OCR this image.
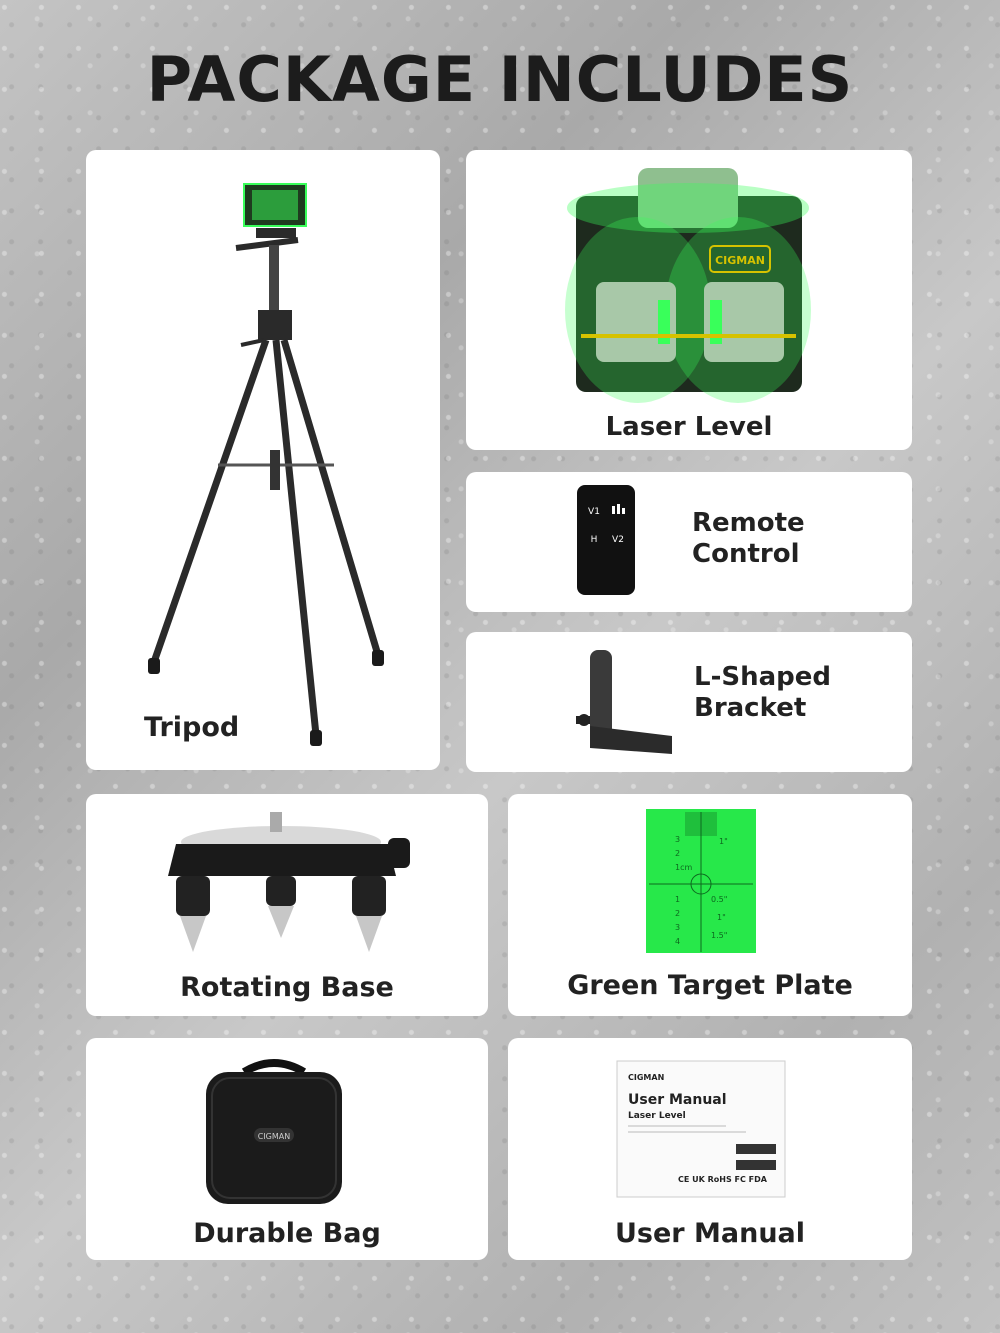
PACKAGE INCLUDES
Tripod
CIGMAN
Laser Level
V1
H V2
Remote
Control
L-Shaped
Bracket
Rotating Base
3
2
1cm
1"
0.5"
1
2
3
4
1"
1.5"
Green Target Plate
CIGMAN
Durable Bag
CIGMAN
User Manual
Laser Level
CE UK RoHS FC FDA
User Manual
